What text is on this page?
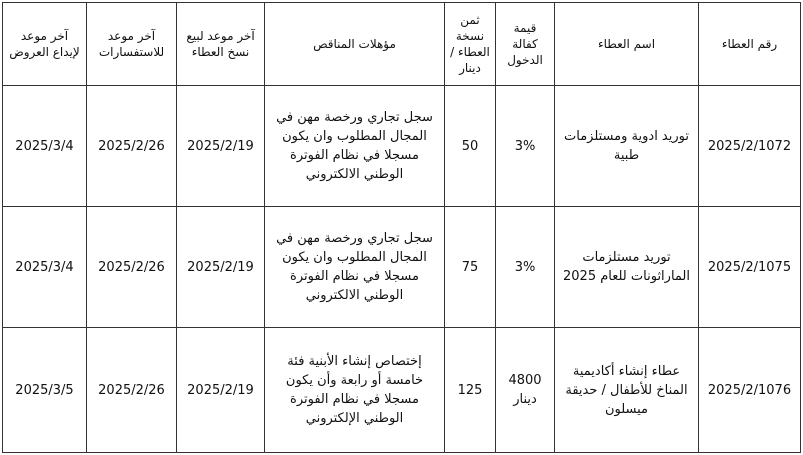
رقم العطاء	اسم العطاء	قيمة كفالة الدخول	ثمن نسخة العطاء /دينار	مؤهلات المناقص	آخر موعد لبيع نسخ العطاء	آخر موعد للاستفسارات	آخر موعد لإيداع العروض
2025/2/1072	توريد ادوية ومستلزمات طبية	3%	50	سجل تجاري ورخصة مهن في المجال المطلوب وان يكون مسجلا في نظام الفوترة الوطني الالكتروني	2025/2/19	2025/2/26	2025/3/4
2025/2/1075	توريد مستلزمات الماراثونات للعام 2025	3%	75	سجل تجاري ورخصة مهن في المجال المطلوب وان يكون مسجلا في نظام الفوترة الوطني الالكتروني	2025/2/19	2025/2/26	2025/3/4
2025/2/1076	عطاء إنشاء أكاديمية المناخ للأطفال / حديقة ميسلون	4800 دينار	125	إختصاص إنشاء الأبنية فئة خامسة أو رابعة وأن يكون مسجلا في نظام الفوترة الوطني الإلكتروني	2025/2/19	2025/2/26	2025/3/5
